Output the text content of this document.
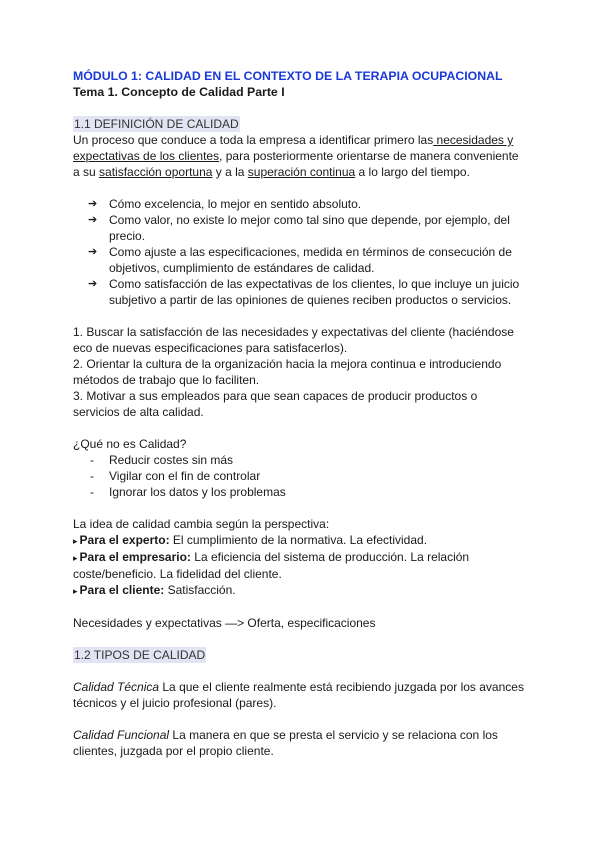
MÓDULO 1: CALIDAD EN EL CONTEXTO DE LA TERAPIA OCUPACIONAL
Tema 1. Concepto de Calidad Parte I
1.1 DEFINICIÓN DE CALIDAD
Un proceso que conduce a toda la empresa a identificar primero las necesidades y
expectativas de los clientes, para posteriormente orientarse de manera conveniente
a su satisfacción oportuna y a la superación continua a lo largo del tiempo.
➔ Cómo excelencia, lo mejor en sentido absoluto.
➔ Como valor, no existe lo mejor como tal sino que depende, por ejemplo, del
precio.
➔ Como ajuste a las especificaciones, medida en términos de consecución de
objetivos, cumplimiento de estándares de calidad.
➔ Como satisfacción de las expectativas de los clientes, lo que incluye un juicio
subjetivo a partir de las opiniones de quienes reciben productos o servicios.
1. Buscar la satisfacción de las necesidades y expectativas del cliente (haciéndose
eco de nuevas especificaciones para satisfacerlos).
2. Orientar la cultura de la organización hacia la mejora continua e introduciendo
métodos de trabajo que lo faciliten.
3. Motivar a sus empleados para que sean capaces de producir productos o
servicios de alta calidad.
¿Qué no es Calidad?
- Reducir costes sin más
- Vigilar con el fin de controlar
- Ignorar los datos y los problemas
La idea de calidad cambia según la perspectiva:
▸ Para el experto: El cumplimiento de la normativa. La efectividad.
▸ Para el empresario: La eficiencia del sistema de producción. La relación
coste/beneficio. La fidelidad del cliente.
▸ Para el cliente: Satisfacción.
Necesidades y expectativas —> Oferta, especificaciones
1.2 TIPOS DE CALIDAD
Calidad Técnica La que el cliente realmente está recibiendo juzgada por los avances
técnicos y el juicio profesional (pares).
Calidad Funcional La manera en que se presta el servicio y se relaciona con los
clientes, juzgada por el propio cliente.
